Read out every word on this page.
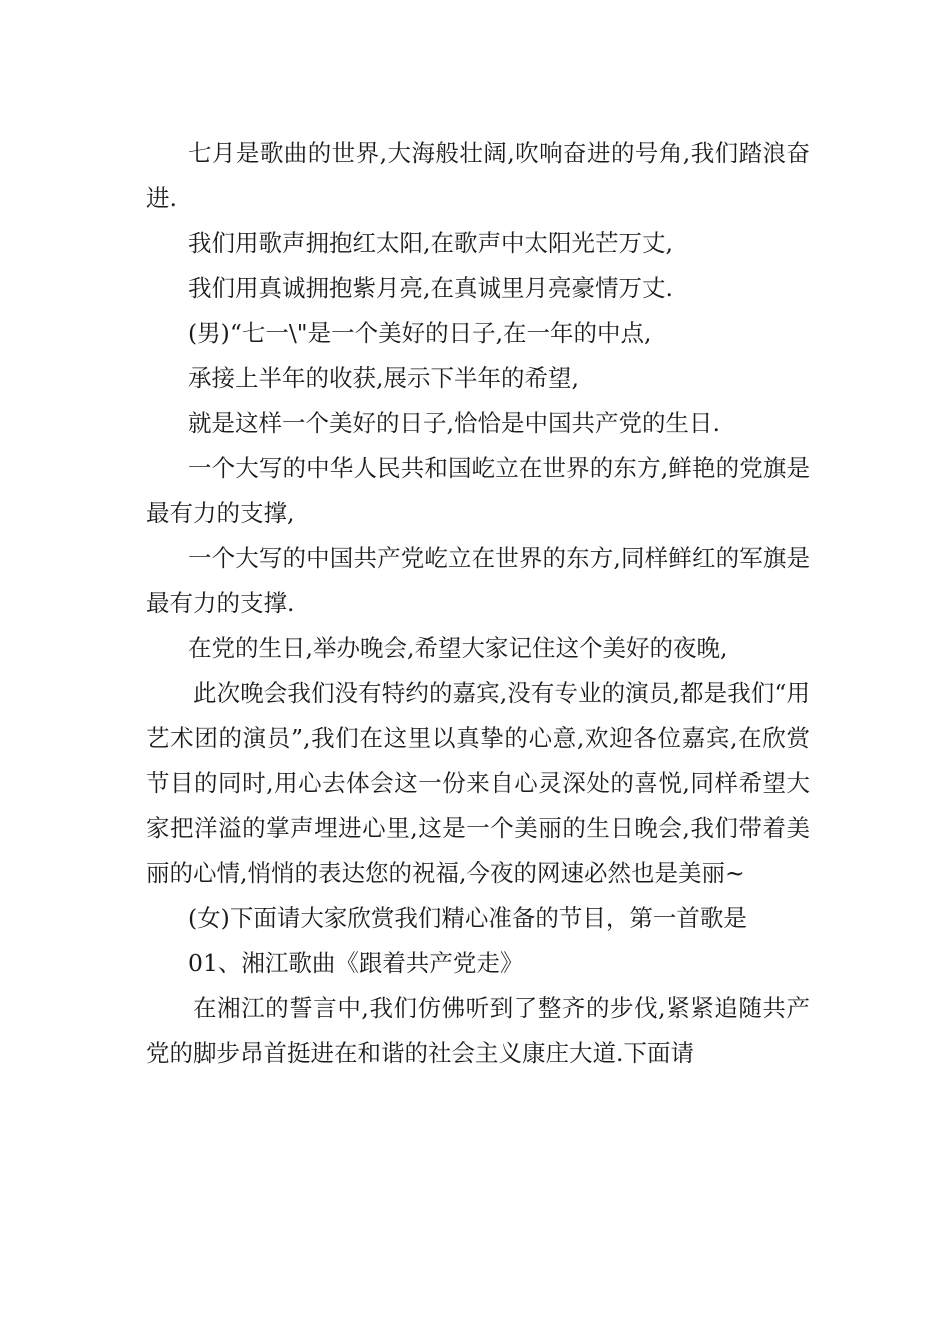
七月是歌曲的世界,大海般壮阔,吹响奋进的号角,我们踏浪奋进.

我们用歌声拥抱红太阳,在歌声中太阳光芒万丈,

我们用真诚拥抱紫月亮,在真诚里月亮豪情万丈.

(男)“七一\"是一个美好的日子,在一年的中点,

承接上半年的收获,展示下半年的希望,

就是这样一个美好的日子,恰恰是中国共产党的生日.

一个大写的中华人民共和国屹立在世界的东方,鲜艳的党旗是最有力的支撑,

一个大写的中国共产党屹立在世界的东方,同样鲜红的军旗是最有力的支撑.

在党的生日,举办晚会,希望大家记住这个美好的夜晚,

此次晚会我们没有特约的嘉宾,没有专业的演员,都是我们“用艺术团的演员”,我们在这里以真挚的心意,欢迎各位嘉宾,在欣赏节目的同时,用心去体会这一份来自心灵深处的喜悦,同样希望大家把洋溢的掌声埋进心里,这是一个美丽的生日晚会,我们带着美丽的心情,悄悄的表达您的祝福,今夜的网速必然也是美丽~

(女)下面请大家欣赏我们精心准备的节目，第一首歌是

01、湘江歌曲《跟着共产党走》

在湘江的誓言中,我们仿佛听到了整齐的步伐,紧紧追随共产党的脚步昂首挺进在和谐的社会主义康庄大道.下面请
